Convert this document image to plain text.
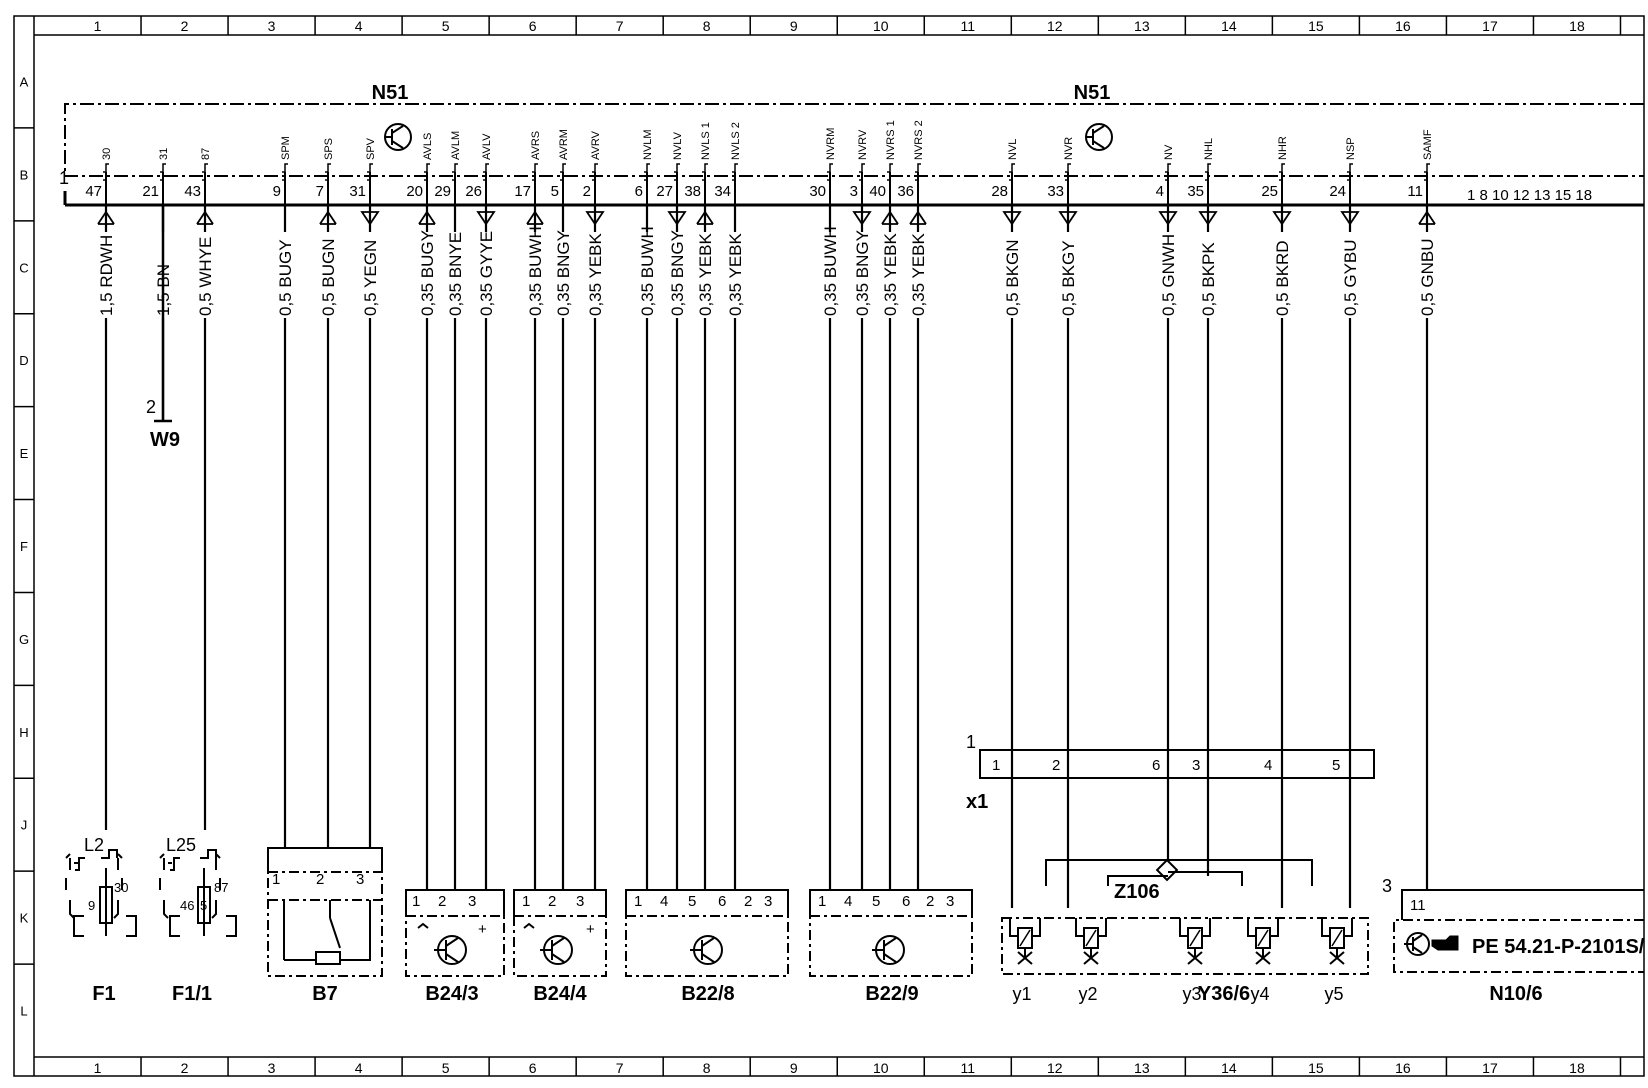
1
1
2
2
3
3
4
4
5
5
6
6
7
7
8
8
9
9
10
10
11
11
12
12
13
13
14
14
15
15
16
16
17
17
18
18
A
B
C
D
E
F
G
H
J
K
L
N51	N51
1
1 8 10 12 13 15 18
47
30
1,5 RDWH
21
31
1,5 BN
43
87
0,5 WHYE
9
SPM
0,5 BUGY
7
SPS
0,5 BUGN
31
SPV
0,5 YEGN
20
AVLS
0,35 BUGY
29
AVLM
0,35 BNYE
26
AVLV
0,35 GYYE
17
AVRS
0,35 BUWH
5
AVRM
0,35 BNGY
2
AVRV
0,35 YEBK
6
NVLM
0,35 BUWH
27
NVLV
0,35 BNGY
38
NVLS 1
0,35 YEBK
34
NVLS 2
0,35 YEBK
30
NVRM
0,35 BUWH
3
NVRV
0,35 BNGY
40
NVRS 1
0,35 YEBK
36
NVRS 2
0,35 YEBK
28
NVL
0,5 BKGN
33
NVR
0,5 BKGY
4
NV
0,5 GNWH
35
NHL
0,5 BKPK
25
NHR
0,5 BKRD
24
NSP
0,5 GYBU
11
SAMF
0,5 GNBU
2
W9
L2
9
30
F1
L25
46
87
5
F1/1
1 2 3
B7
1 2 3
+
B24/3
1 2 3
+
B24/4
1 4 5 6 2 3
B22/8
1 4 5 6 2 3
B22/9
1
x1
1	2	6 3	4	5
Z106
y1	y2	y3	y4	y5
Y36/6
3
11
PE 54.21-P-2101S/
N10/6
